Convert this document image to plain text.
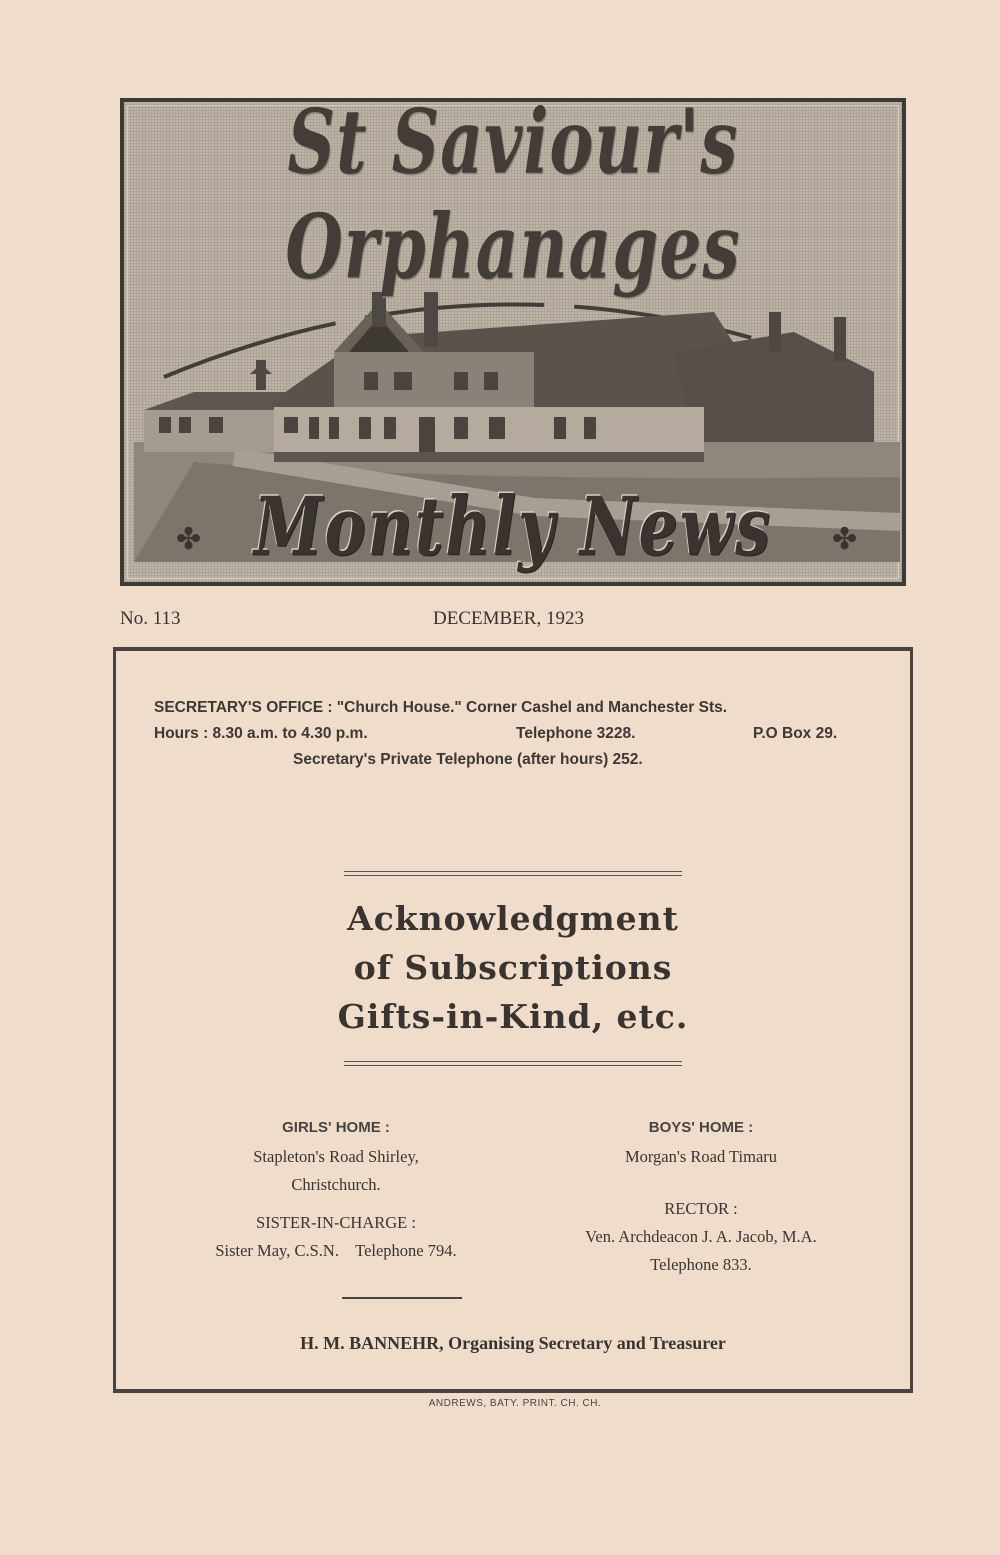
St Saviour's Orphanages
Monthly News
✤	✤
No. 113	DECEMBER, 1923
SECRETARY'S OFFICE : "Church House." Corner Cashel and Manchester Sts.
Hours : 8.30 a.m. to 4.30 p.m.	Telephone 3228.	P.O Box 29.
Secretary's Private Telephone (after hours) 252.
Acknowledgment
of Subscriptions
Gifts-in-Kind, etc.
GIRLS' HOME :
Stapleton's Road Shirley,
Christchurch.
SISTER-IN-CHARGE :
Sister May, C.S.N.    Telephone 794.
BOYS' HOME :
Morgan's Road Timaru
RECTOR :
Ven. Archdeacon J. A. Jacob, M.A.
Telephone 833.
H. M. BANNEHR, Organising Secretary and Treasurer
ANDREWS, BATY. PRINT. CH. CH.
